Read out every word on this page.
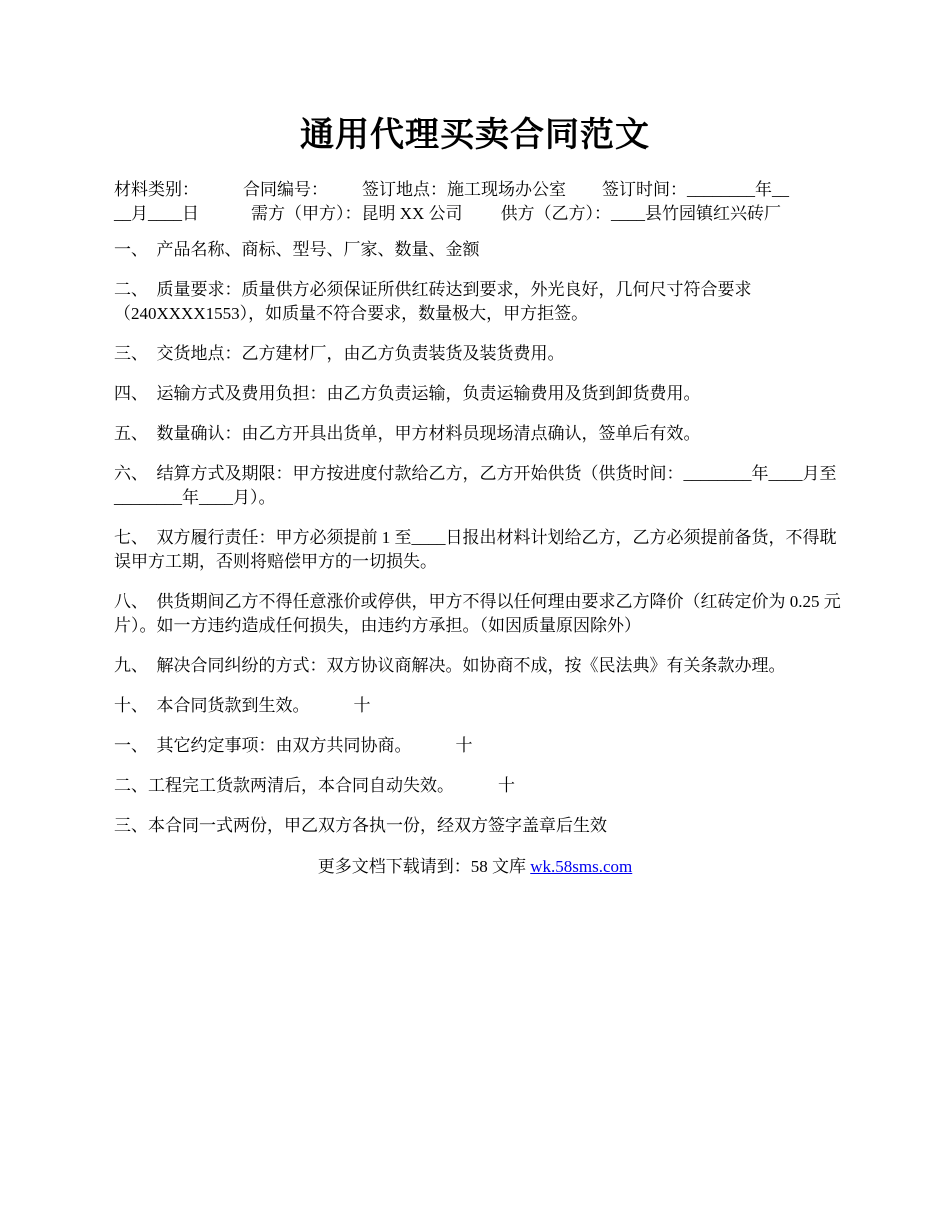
通用代理买卖合同范文
材料类别：	合同编号： 签订地点：施工现场办公室 签订时间：________年__
__月____日	需方（甲方）：昆明 XX 公司 供方（乙方）：____县竹园镇红兴砖厂

一、 产品名称、商标、型号、厂家、数量、金额

二、 质量要求：质量供方必须保证所供红砖达到要求，外光良好，几何尺寸符合要求（240XXXX1553），如质量不符合要求，数量极大，甲方拒签。

三、 交货地点：乙方建材厂，由乙方负责装货及装货费用。

四、 运输方式及费用负担：由乙方负责运输，负责运输费用及货到卸货费用。

五、 数量确认：由乙方开具出货单，甲方材料员现场清点确认，签单后有效。

六、 结算方式及期限：甲方按进度付款给乙方，乙方开始供货（供货时间：________年____月至________年____月）。

七、 双方履行责任：甲方必须提前 1 至____日报出材料计划给乙方，乙方必须提前备货，不得耽误甲方工期，否则将赔偿甲方的一切损失。

八、 供货期间乙方不得任意涨价或停供，甲方不得以任何理由要求乙方降价（红砖定价为 0.25 元片）。如一方违约造成任何损失，由违约方承担。（如因质量原因除外）

九、 解决合同纠纷的方式：双方协议商解决。如协商不成，按《民法典》有关条款办理。

十、 本合同货款到生效。	十

一、 其它约定事项：由双方共同协商。	十

二、工程完工货款两清后，本合同自动失效。	十

三、本合同一式两份，甲乙双方各执一份，经双方签字盖章后生效

更多文档下载请到：58 文库 wk.58sms.com
